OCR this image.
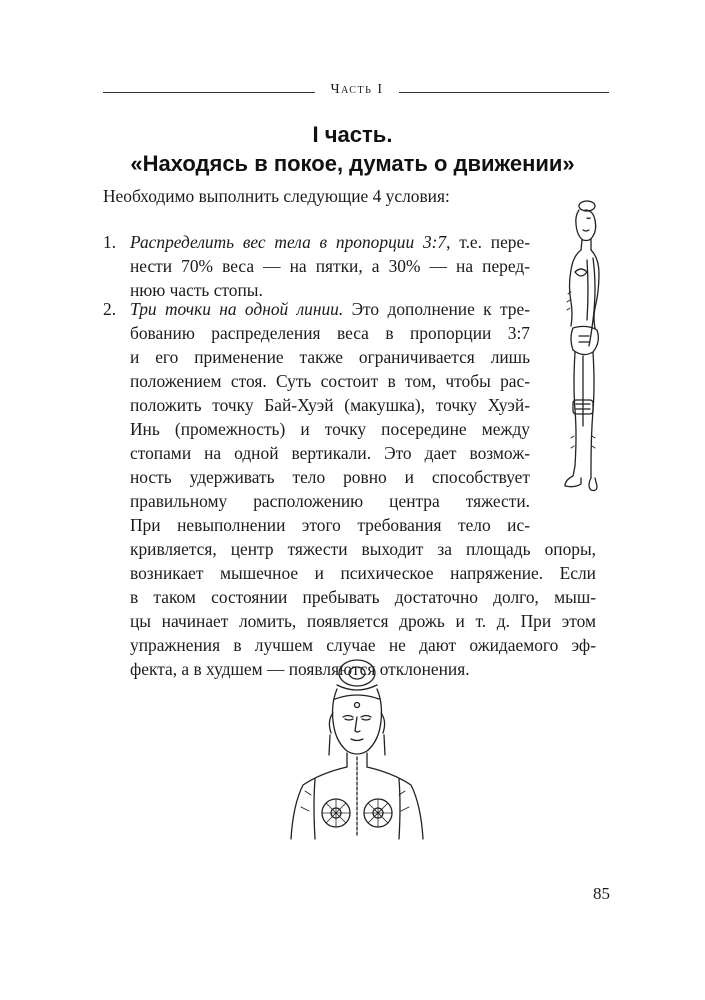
Часть I
I часть.
«Находясь в покое, думать о движении»
Необходимо выполнить следующие 4 условия:
1. Распределить вес тела в пропорции 3:7, т.е. пере-
нести 70% веса — на пятки, а 30% — на перед-
нюю часть стопы.
2. Три точки на одной линии. Это дополнение к тре-
бованию распределения веса в пропорции 3:7
и его применение также ограничивается лишь
положением стоя. Суть состоит в том, чтобы рас-
положить точку Бай-Хуэй (макушка), точку Хуэй-
Инь (промежность) и точку посередине между
стопами на одной вертикали. Это дает возмож-
ность удерживать тело ровно и способствует
правильному расположению центра тяжести.
При невыполнении этого требования тело ис-
кривляется, центр тяжести выходит за площадь опоры,
возникает мышечное и психическое напряжение. Если
в таком состоянии пребывать достаточно долго, мыш-
цы начинает ломить, появляется дрожь и т. д. При этом
упражнения в лучшем случае не дают ожидаемого эф-
фекта, а в худшем — появляются отклонения.
85
